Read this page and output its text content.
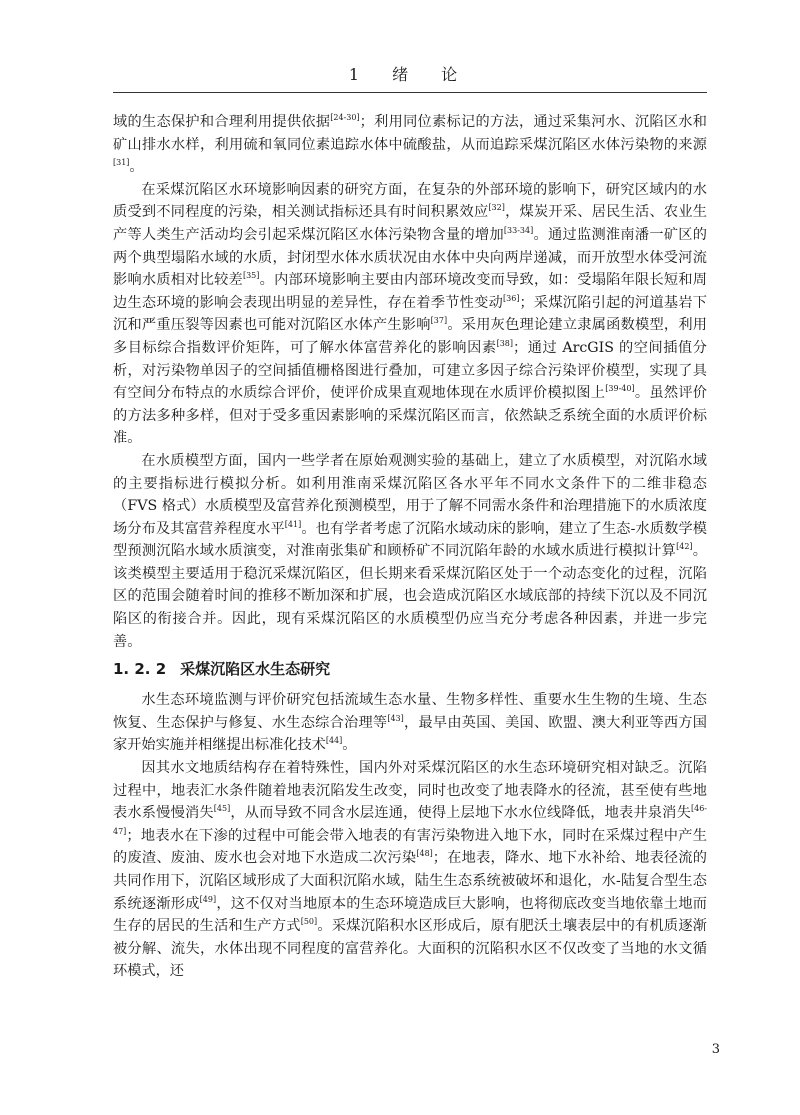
1 绪 论

域的生态保护和合理利用提供依据[24-30]；利用同位素标记的方法，通过采集河水、沉陷区水和矿山排水水样，利用硫和氧同位素追踪水体中硫酸盐，从而追踪采煤沉陷区水体污染物的来源[31]。

在采煤沉陷区水环境影响因素的研究方面，在复杂的外部环境的影响下，研究区域内的水质受到不同程度的污染，相关测试指标还具有时间积累效应[32]，煤炭开采、居民生活、农业生产等人类生产活动均会引起采煤沉陷区水体污染物含量的增加[33-34]。通过监测淮南潘一矿区的两个典型塌陷水域的水质，封闭型水体水质状况由水体中央向两岸递减，而开放型水体受河流影响水质相对比较差[35]。内部环境影响主要由内部环境改变而导致，如：受塌陷年限长短和周边生态环境的影响会表现出明显的差异性，存在着季节性变动[36]；采煤沉陷引起的河道基岩下沉和严重压裂等因素也可能对沉陷区水体产生影响[37]。采用灰色理论建立隶属函数模型，利用多目标综合指数评价矩阵，可了解水体富营养化的影响因素[38]；通过 ArcGIS 的空间插值分析，对污染物单因子的空间插值栅格图进行叠加，可建立多因子综合污染评价模型，实现了具有空间分布特点的水质综合评价，使评价成果直观地体现在水质评价模拟图上[39-40]。虽然评价的方法多种多样，但对于受多重因素影响的采煤沉陷区而言，依然缺乏系统全面的水质评价标准。

在水质模型方面，国内一些学者在原始观测实验的基础上，建立了水质模型，对沉陷水域的主要指标进行模拟分析。如利用淮南采煤沉陷区各水平年不同水文条件下的二维非稳态（FVS 格式）水质模型及富营养化预测模型，用于了解不同需水条件和治理措施下的水质浓度场分布及其富营养程度水平[41]。也有学者考虑了沉陷水域动床的影响，建立了生态-水质数学模型预测沉陷水域水质演变，对淮南张集矿和顾桥矿不同沉陷年龄的水域水质进行模拟计算[42]。该类模型主要适用于稳沉采煤沉陷区，但长期来看采煤沉陷区处于一个动态变化的过程，沉陷区的范围会随着时间的推移不断加深和扩展，也会造成沉陷区水域底部的持续下沉以及不同沉陷区的衔接合并。因此，现有采煤沉陷区的水质模型仍应当充分考虑各种因素，并进一步完善。

1. 2. 2 采煤沉陷区水生态研究

水生态环境监测与评价研究包括流域生态水量、生物多样性、重要水生生物的生境、生态恢复、生态保护与修复、水生态综合治理等[43]，最早由英国、美国、欧盟、澳大利亚等西方国家开始实施并相继提出标准化技术[44]。

因其水文地质结构存在着特殊性，国内外对采煤沉陷区的水生态环境研究相对缺乏。沉陷过程中，地表汇水条件随着地表沉陷发生改变，同时也改变了地表降水的径流，甚至使有些地表水系慢慢消失[45]，从而导致不同含水层连通，使得上层地下水水位线降低，地表井泉消失[46-47]；地表水在下渗的过程中可能会带入地表的有害污染物进入地下水，同时在采煤过程中产生的废渣、废油、废水也会对地下水造成二次污染[48]；在地表，降水、地下水补给、地表径流的共同作用下，沉陷区域形成了大面积沉陷水域，陆生生态系统被破坏和退化，水-陆复合型生态系统逐渐形成[49]，这不仅对当地原本的生态环境造成巨大影响，也将彻底改变当地依靠土地而生存的居民的生活和生产方式[50]。采煤沉陷积水区形成后，原有肥沃土壤表层中的有机质逐渐被分解、流失，水体出现不同程度的富营养化。大面积的沉陷积水区不仅改变了当地的水文循环模式，还

3
